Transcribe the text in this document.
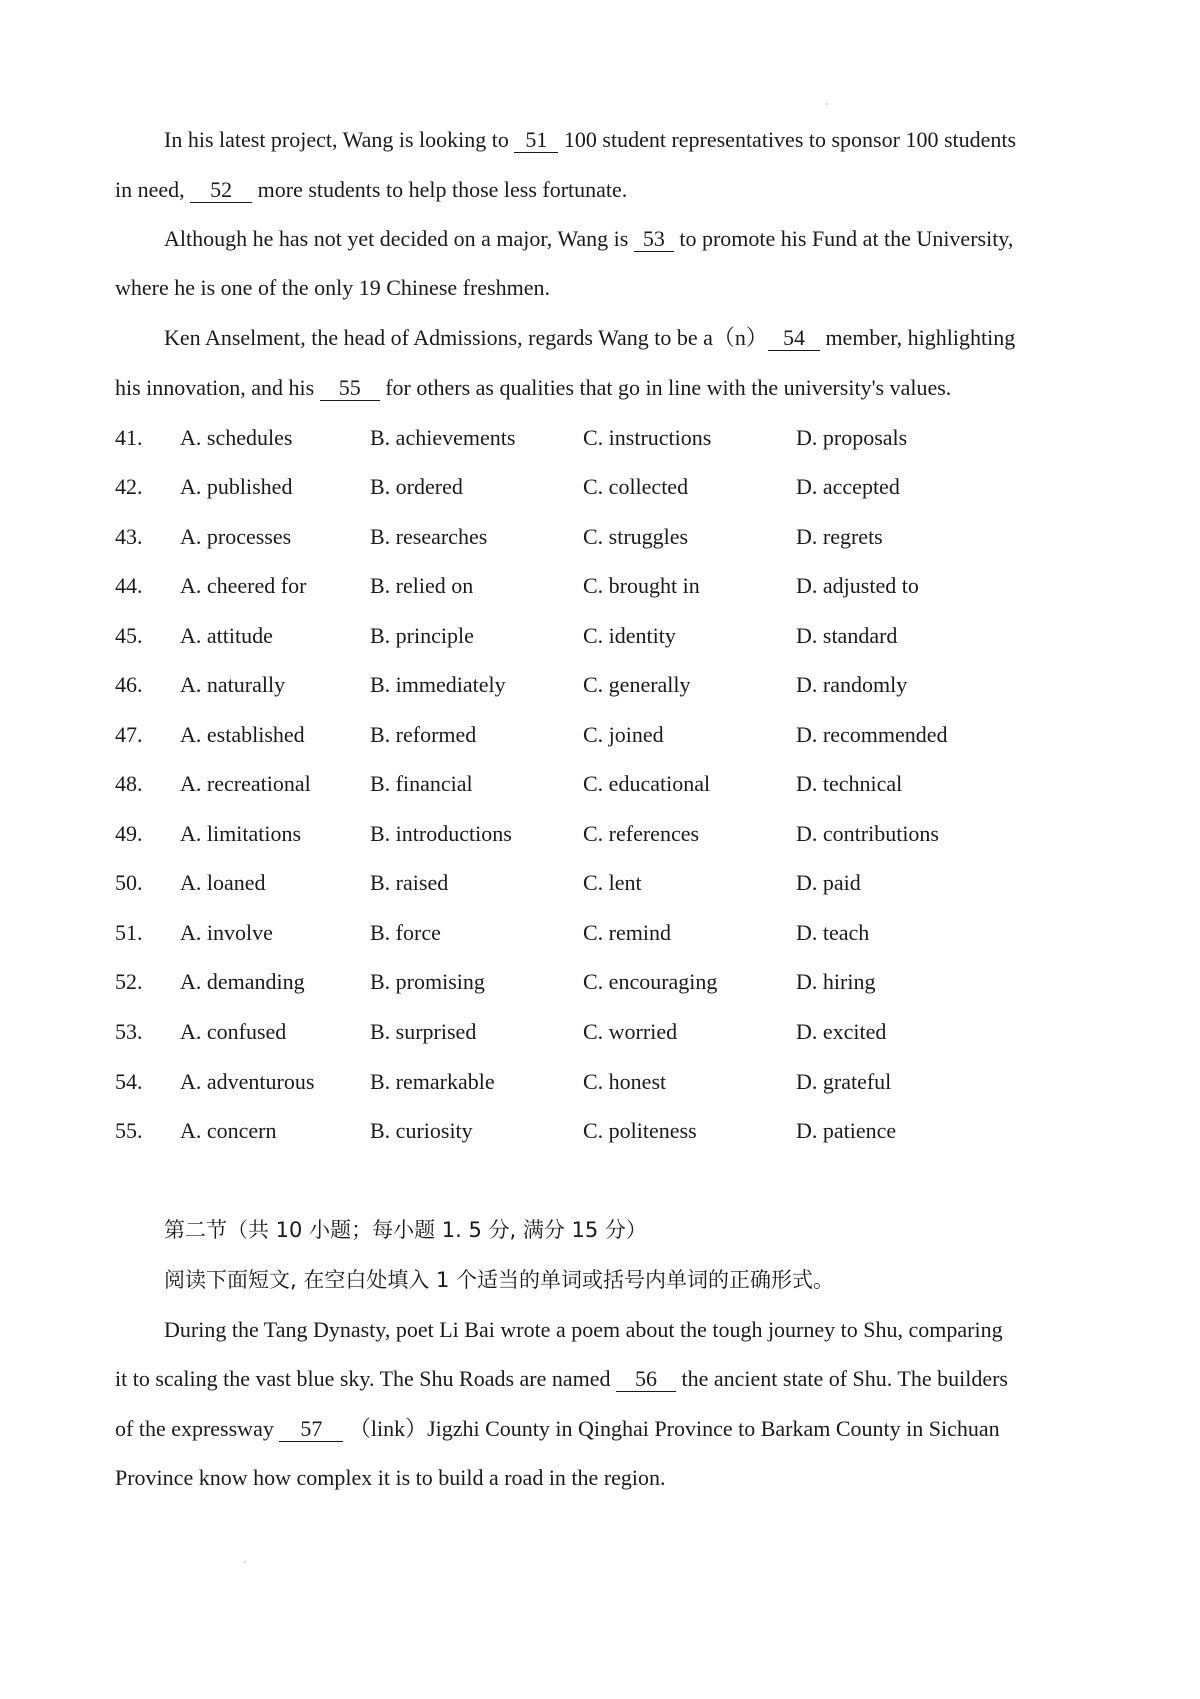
In his latest project, Wang is looking to 51 100 student representatives to sponsor 100 students
in need, 52 more students to help those less fortunate.
Although he has not yet decided on a major, Wang is 53 to promote his Fund at the University,
where he is one of the only 19 Chinese freshmen.
Ken Anselment, the head of Admissions, regards Wang to be a（n） 54 member, highlighting
his innovation, and his 55 for others as qualities that go in line with the university's values.
41. A. schedules	B. achievements	C. instructions	D. proposals
42. A. published	B. ordered	C. collected	D. accepted
43. A. processes	B. researches	C. struggles	D. regrets
44. A. cheered for	B. relied on	C. brought in	D. adjusted to
45. A. attitude	B. principle	C. identity	D. standard
46. A. naturally	B. immediately	C. generally	D. randomly
47. A. established	B. reformed	C. joined	D. recommended
48. A. recreational	B. financial	C. educational	D. technical
49. A. limitations	B. introductions	C. references	D. contributions
50. A. loaned	B. raised	C. lent	D. paid
51. A. involve	B. force	C. remind	D. teach
52. A. demanding	B. promising	C. encouraging	D. hiring
53. A. confused	B. surprised	C. worried	D. excited
54. A. adventurous	B. remarkable	C. honest	D. grateful
55. A. concern	B. curiosity	C. politeness	D. patience
第二节（共 10 小题；每小题 1. 5 分, 满分 15 分）
阅读下面短文, 在空白处填入 1 个适当的单词或括号内单词的正确形式。
During the Tang Dynasty, poet Li Bai wrote a poem about the tough journey to Shu, comparing
it to scaling the vast blue sky. The Shu Roads are named 56 the ancient state of Shu. The builders
of the expressway 57 （link）Jigzhi County in Qinghai Province to Barkam County in Sichuan
Province know how complex it is to build a road in the region.
